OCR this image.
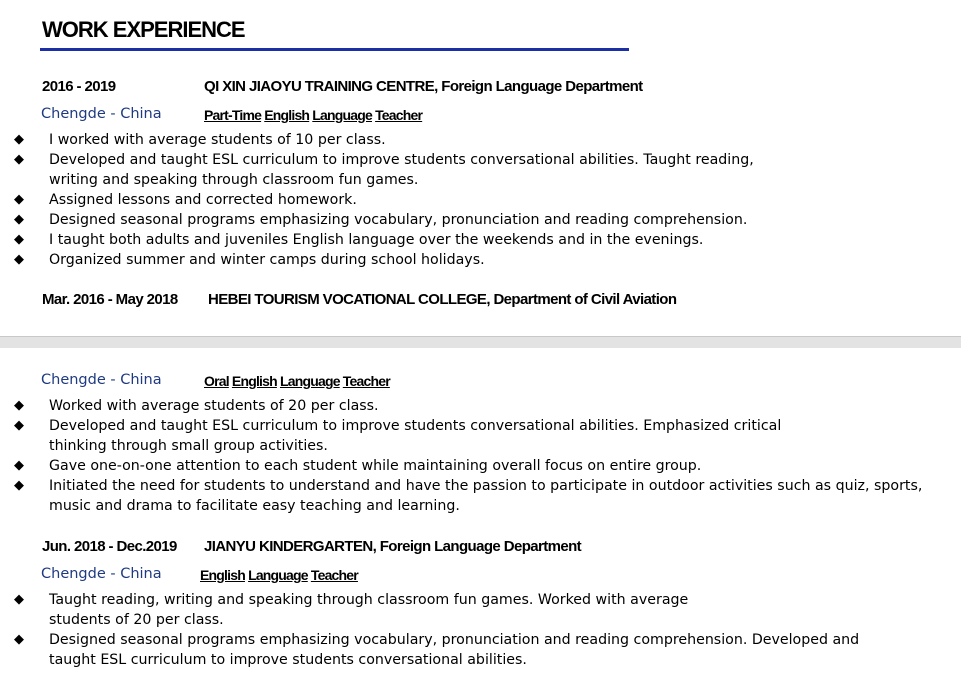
WORK EXPERIENCE
2016 - 2019	QI XIN JIAOYU TRAINING CENTRE, Foreign Language Department
Chengde - China	Part-Time English Language Teacher
◆ I worked with average students of 10 per class.
◆ Developed and taught ESL curriculum to improve students conversational abilities. Taught reading,
writing and speaking through classroom fun games.
◆ Assigned lessons and corrected homework.
◆ Designed seasonal programs emphasizing vocabulary, pronunciation and reading comprehension.
◆ I taught both adults and juveniles English language over the weekends and in the evenings.
◆ Organized summer and winter camps during school holidays.
Mar. 2016 - May 2018 HEBEI TOURISM VOCATIONAL COLLEGE, Department of Civil Aviation
Chengde - China	Oral English Language Teacher
◆ Worked with average students of 20 per class.
◆ Developed and taught ESL curriculum to improve students conversational abilities. Emphasized critical
thinking through small group activities.
◆ Gave one-on-one attention to each student while maintaining overall focus on entire group.
◆ Initiated the need for students to understand and have the passion to participate in outdoor activities such as quiz, sports,
music and drama to facilitate easy teaching and learning.
Jun. 2018 - Dec.2019 JIANYU KINDERGARTEN, Foreign Language Department
Chengde - China	English Language Teacher
◆ Taught reading, writing and speaking through classroom fun games. Worked with average
students of 20 per class.
◆ Designed seasonal programs emphasizing vocabulary, pronunciation and reading comprehension. Developed and
taught ESL curriculum to improve students conversational abilities.
